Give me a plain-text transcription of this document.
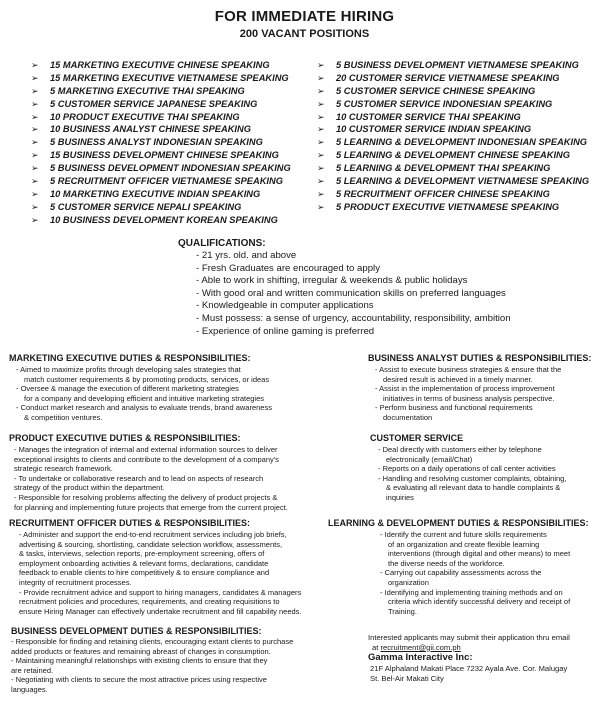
FOR IMMEDIATE HIRING
200 VACANT POSITIONS
➢ 15 MARKETING EXECUTIVE CHINESE SPEAKING
➢ 15 MARKETING EXECUTIVE VIETNAMESE SPEAKING
➢ 5 MARKETING EXECUTIVE THAI SPEAKING
➢ 5 CUSTOMER SERVICE JAPANESE SPEAKING
➢ 10 PRODUCT EXECUTIVE THAI SPEAKING
➢ 10 BUSINESS ANALYST CHINESE SPEAKING
➢ 5 BUSINESS ANALYST INDONESIAN SPEAKING
➢ 15 BUSINESS DEVELOPMENT CHINESE SPEAKING
➢ 5 BUSINESS DEVELOPMENT INDONESIAN SPEAKING
➢ 5 RECRUITMENT OFFICER VIETNAMESE SPEAKING
➢ 10 MARKETING EXECUTIVE INDIAN SPEAKING
➢ 5 CUSTOMER SERVICE NEPALI SPEAKING
➢ 10 BUSINESS DEVELOPMENT KOREAN SPEAKING
➢ 5 BUSINESS DEVELOPMENT VIETNAMESE SPEAKING
➢ 20 CUSTOMER SERVICE VIETNAMESE SPEAKING
➢ 5 CUSTOMER SERVICE CHINESE SPEAKING
➢ 5 CUSTOMER SERVICE INDONESIAN SPEAKING
➢ 10 CUSTOMER SERVICE THAI SPEAKING
➢ 10 CUSTOMER SERVICE INDIAN SPEAKING
➢ 5 LEARNING & DEVELOPMENT INDONESIAN SPEAKING
➢ 5 LEARNING & DEVELOPMENT CHINESE SPEAKING
➢ 5 LEARNING & DEVELOPMENT THAI SPEAKING
➢ 5 LEARNING & DEVELOPMENT VIETNAMESE SPEAKING
➢ 5 RECRUITMENT OFFICER CHINESE SPEAKING
➢ 5 PRODUCT EXECUTIVE VIETNAMESE SPEAKING
QUALIFICATIONS:
- 21 yrs. old. and above
- Fresh Graduates are encouraged to apply
- Able to work in shifting, irregular & weekends & public holidays
- With good oral and written communication skills on preferred languages
- Knowledgeable in computer applications
- Must possess: a sense of urgency, accountability, responsibility, ambition
- Experience of online gaming is preferred
MARKETING EXECUTIVE DUTIES & RESPONSIBILITIES:

- Aimed to maximize profits through developing sales strategies that

match customer requirements & by promoting products, services, or ideas

- Oversee & manage the execution of different marketing strategies

for a company and developing efficient and intuitive marketing strategies

- Conduct market research and analysis to evaluate trends, brand awareness

& competition ventures.

BUSINESS ANALYST DUTIES & RESPONSIBILITIES:

- Assist to execute business strategies & ensure that the

desired result is achieved in a timely manner.

- Assist in the implementation of process improvement

initiatives in terms of business analysis perspective.

- Perform business and functional requirements

documentation

PRODUCT EXECUTIVE DUTIES & RESPONSIBILITIES:

- Manages the integration of internal and external information sources to deliver

exceptional insights to clients and contribute to the development of a company's

strategic research framework.

- To undertake or collaborative research and to lead on aspects of research

strategy of the product within the department.

- Responsible for resolving problems affecting the delivery of product projects &

for planning and implementing future projects that emerge from the current project.

CUSTOMER SERVICE

- Deal directly with customers either by telephone

electronically (email/Chat)

- Reports on a daily operations of call center activities

- Handling and resolving customer complaints, obtaining,

& evaluating all relevant data to handle complaints &

inquiries

RECRUITMENT OFFICER DUTIES & RESPONSIBILITIES:

- Administer and support the end-to-end recruitment services including job briefs,

advertising & sourcing, shortlisting, candidate selection workflow, assessments,

& tasks, interviews, selection reports, pre-employment screening, offers of

employment onboarding activities & relevant forms, declarations, candidate

feedback to enable clients to hire competitively & to ensure compliance and

integrity of recruitment processes.

- Provide recruitment advice and support to hiring managers, candidates & managers

recruitment policies and procedures, requirements, and creating requisitions to

ensure Hiring Manager can effectively undertake recruitment and fill capability needs.

LEARNING & DEVELOPMENT DUTIES & RESPONSIBILITIES:

- Identify the current and future skills requirements

of an organization and create flexible learning

interventions (through digital and other means) to meet

the diverse needs of the workforce.

- Carrying out capability assessments across the

organization

- Identifying and implementing training methods and on

criteria which identify successful delivery and receipt of

Training.

BUSINESS DEVELOPMENT DUTIES & RESPONSIBILITIES:

- Responsible for finding and retaining clients, encouraging extant clients to purchase

added products or features and remaining abreast of changes in consumption.

- Maintaining meaningful relationships with existing clients to ensure that they

are retained.

- Negotiating with clients to secure the most attractive prices using respective

languages.

Interested applicants may submit their application thru email

at recruitment@gii.com.ph

Gamma Interactive Inc:

21F Alphaland Makati Place 7232 Ayala Ave. Cor. Malugay

St. Bel-Air Makati City
